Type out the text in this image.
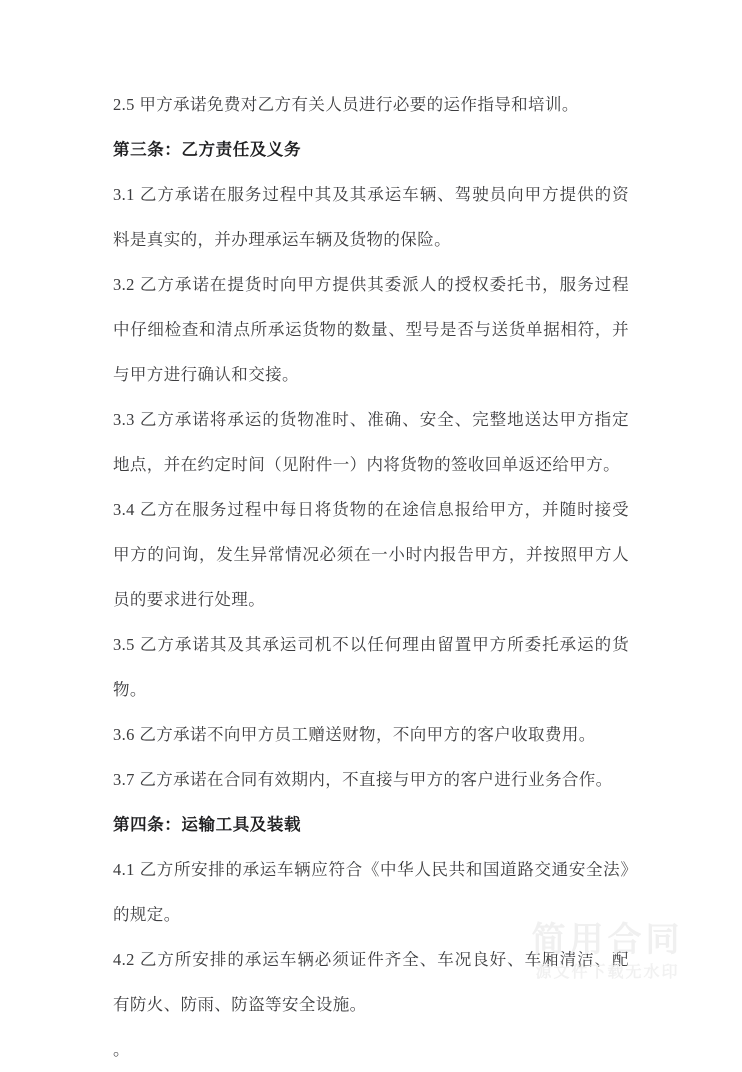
2.5 甲方承诺免费对乙方有关人员进行必要的运作指导和培训。

第三条：乙方责任及义务

3.1 乙方承诺在服务过程中其及其承运车辆、驾驶员向甲方提供的资料是真实的，并办理承运车辆及货物的保险。

3.2 乙方承诺在提货时向甲方提供其委派人的授权委托书，服务过程中仔细检查和清点所承运货物的数量、型号是否与送货单据相符，并与甲方进行确认和交接。

3.3 乙方承诺将承运的货物准时、准确、安全、完整地送达甲方指定地点，并在约定时间（见附件一）内将货物的签收回单返还给甲方。

3.4 乙方在服务过程中每日将货物的在途信息报给甲方，并随时接受甲方的问询，发生异常情况必须在一小时内报告甲方，并按照甲方人员的要求进行处理。

3.5 乙方承诺其及其承运司机不以任何理由留置甲方所委托承运的货物。

3.6 乙方承诺不向甲方员工赠送财物，不向甲方的客户收取费用。

3.7 乙方承诺在合同有效期内，不直接与甲方的客户进行业务合作。

第四条：运输工具及装载

4.1 乙方所安排的承运车辆应符合《中华人民共和国道路交通安全法》的规定。

4.2 乙方所安排的承运车辆必须证件齐全、车况良好、车厢清洁、配有防火、防雨、防盗等安全设施。

。

简用合同
源文件下载无水印
